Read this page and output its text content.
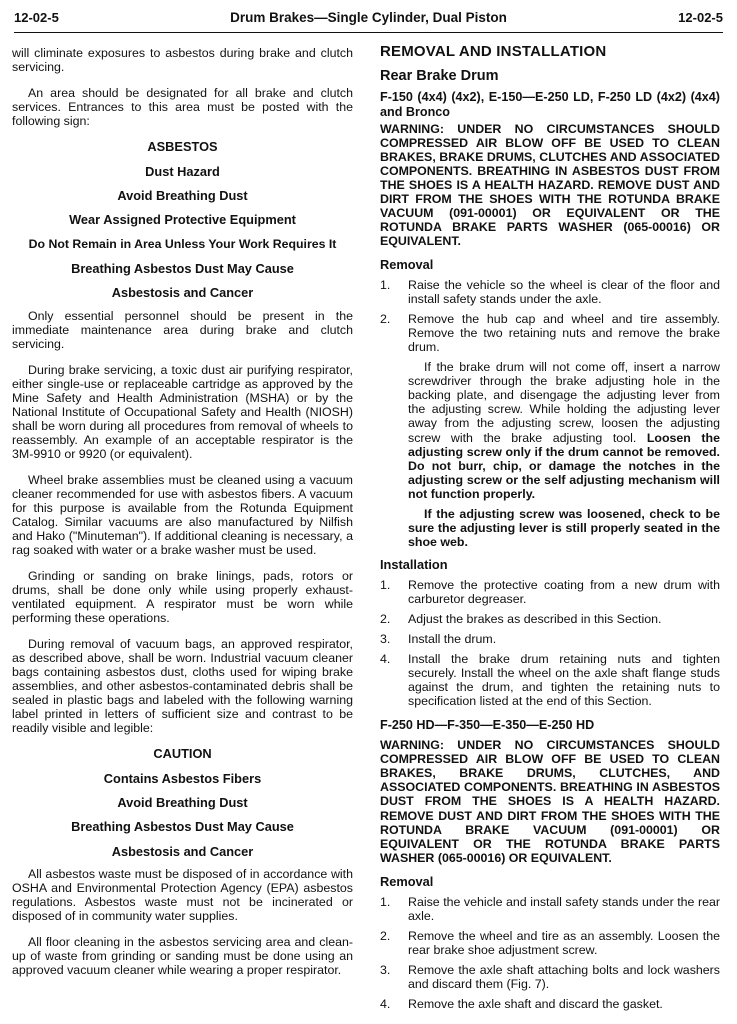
12-02-5	Drum Brakes—Single Cylinder, Dual Piston	12-02-5

will climinate exposures to asbestos during brake and clutch servicing.

An area should be designated for all brake and clutch services. Entrances to this area must be posted with the following sign:

ASBESTOS
Dust Hazard
Avoid Breathing Dust
Wear Assigned Protective Equipment
Do Not Remain in Area Unless Your Work Requires It
Breathing Asbestos Dust May Cause
Asbestosis and Cancer

Only essential personnel should be present in the immediate maintenance area during brake and clutch servicing.

During brake servicing, a toxic dust air purifying respirator, either single-use or replaceable cartridge as approved by the Mine Safety and Health Administration (MSHA) or by the National Institute of Occupational Safety and Health (NIOSH) shall be worn during all procedures from removal of wheels to reassembly. An example of an acceptable respirator is the 3M-9910 or 9920 (or equivalent).

Wheel brake assemblies must be cleaned using a vacuum cleaner recommended for use with asbestos fibers. A vacuum for this purpose is available from the Rotunda Equipment Catalog. Similar vacuums are also manufactured by Nilfish and Hako ("Minuteman"). If additional cleaning is necessary, a rag soaked with water or a brake washer must be used.

Grinding or sanding on brake linings, pads, rotors or drums, shall be done only while using properly exhaust-ventilated equipment. A respirator must be worn while performing these operations.

During removal of vacuum bags, an approved respirator, as described above, shall be worn. Industrial vacuum cleaner bags containing asbestos dust, cloths used for wiping brake assemblies, and other asbestos-contaminated debris shall be sealed in plastic bags and labeled with the following warning label printed in letters of sufficient size and contrast to be readily visible and legible:

CAUTION
Contains Asbestos Fibers
Avoid Breathing Dust
Breathing Asbestos Dust May Cause
Asbestosis and Cancer

All asbestos waste must be disposed of in accordance with OSHA and Environmental Protection Agency (EPA) asbestos regulations. Asbestos waste must not be incinerated or disposed of in community water supplies.

All floor cleaning in the asbestos servicing area and clean-up of waste from grinding or sanding must be done using an approved vacuum cleaner while wearing a proper respirator.

REMOVAL AND INSTALLATION
Rear Brake Drum
F-150 (4x4) (4x2), E-150—E-250 LD, F-250 LD (4x2) (4x4) and Bronco
WARNING: UNDER NO CIRCUMSTANCES SHOULD COMPRESSED AIR BLOW OFF BE USED TO CLEAN BRAKES, BRAKE DRUMS, CLUTCHES AND ASSOCIATED COMPONENTS. BREATHING IN ASBESTOS DUST FROM THE SHOES IS A HEALTH HAZARD. REMOVE DUST AND DIRT FROM THE SHOES WITH THE ROTUNDA BRAKE VACUUM (091-00001) OR EQUIVALENT OR THE ROTUNDA BRAKE PARTS WASHER (065-00016) OR EQUIVALENT.
Removal
1.	Raise the vehicle so the wheel is clear of the floor and install safety stands under the axle.
2.	Remove the hub cap and wheel and tire assembly. Remove the two retaining nuts and remove the brake drum.

If the brake drum will not come off, insert a narrow screwdriver through the brake adjusting hole in the backing plate, and disengage the adjusting lever from the adjusting screw. While holding the adjusting lever away from the adjusting screw, loosen the adjusting screw with the brake adjusting tool. Loosen the adjusting screw only if the drum cannot be removed. Do not burr, chip, or damage the notches in the adjusting screw or the self adjusting mechanism will not function properly.

If the adjusting screw was loosened, check to be sure the adjusting lever is still properly seated in the shoe web.

Installation
1.	Remove the protective coating from a new drum with carburetor degreaser.
2.	Adjust the brakes as described in this Section.
3.	Install the drum.
4.	Install the brake drum retaining nuts and tighten securely. Install the wheel on the axle shaft flange studs against the drum, and tighten the retaining nuts to specification listed at the end of this Section.
F-250 HD—F-350—E-350—E-250 HD
WARNING: UNDER NO CIRCUMSTANCES SHOULD COMPRESSED AIR BLOW OFF BE USED TO CLEAN BRAKES, BRAKE DRUMS, CLUTCHES, AND ASSOCIATED COMPONENTS. BREATHING IN ASBESTOS DUST FROM THE SHOES IS A HEALTH HAZARD. REMOVE DUST AND DIRT FROM THE SHOES WITH THE ROTUNDA BRAKE VACUUM (091-00001) OR EQUIVALENT OR THE ROTUNDA BRAKE PARTS WASHER (065-00016) OR EQUIVALENT.
Removal
1.	Raise the vehicle and install safety stands under the rear axle.
2.	Remove the wheel and tire as an assembly. Loosen the rear brake shoe adjustment screw.
3.	Remove the axle shaft attaching bolts and lock washers and discard them (Fig. 7).
4.	Remove the axle shaft and discard the gasket.
